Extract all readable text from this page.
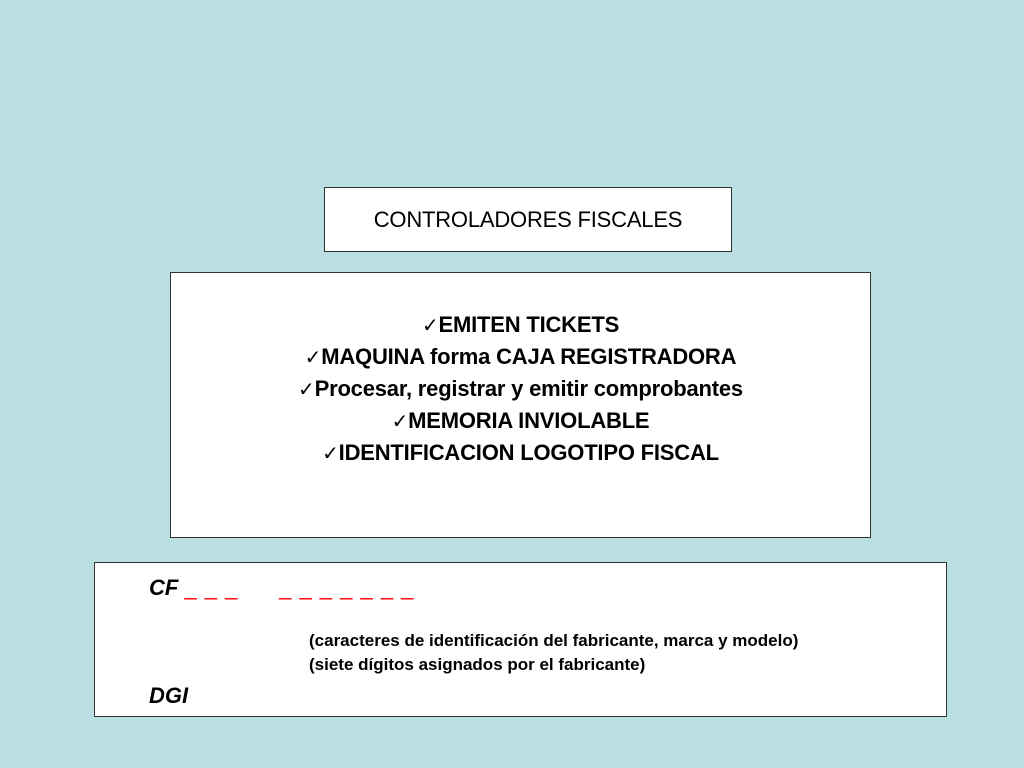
CONTROLADORES FISCALES
✓EMITEN TICKETS
✓MAQUINA forma CAJA REGISTRADORA
✓Procesar, registrar y emitir comprobantes
✓MEMORIA INVIOLABLE
✓IDENTIFICACION LOGOTIPO FISCAL
CF _ _ _ _ _ _ _ _ _ _
(caracteres de identificación del fabricante, marca y modelo)
(siete dígitos asignados por el fabricante)
DGI
